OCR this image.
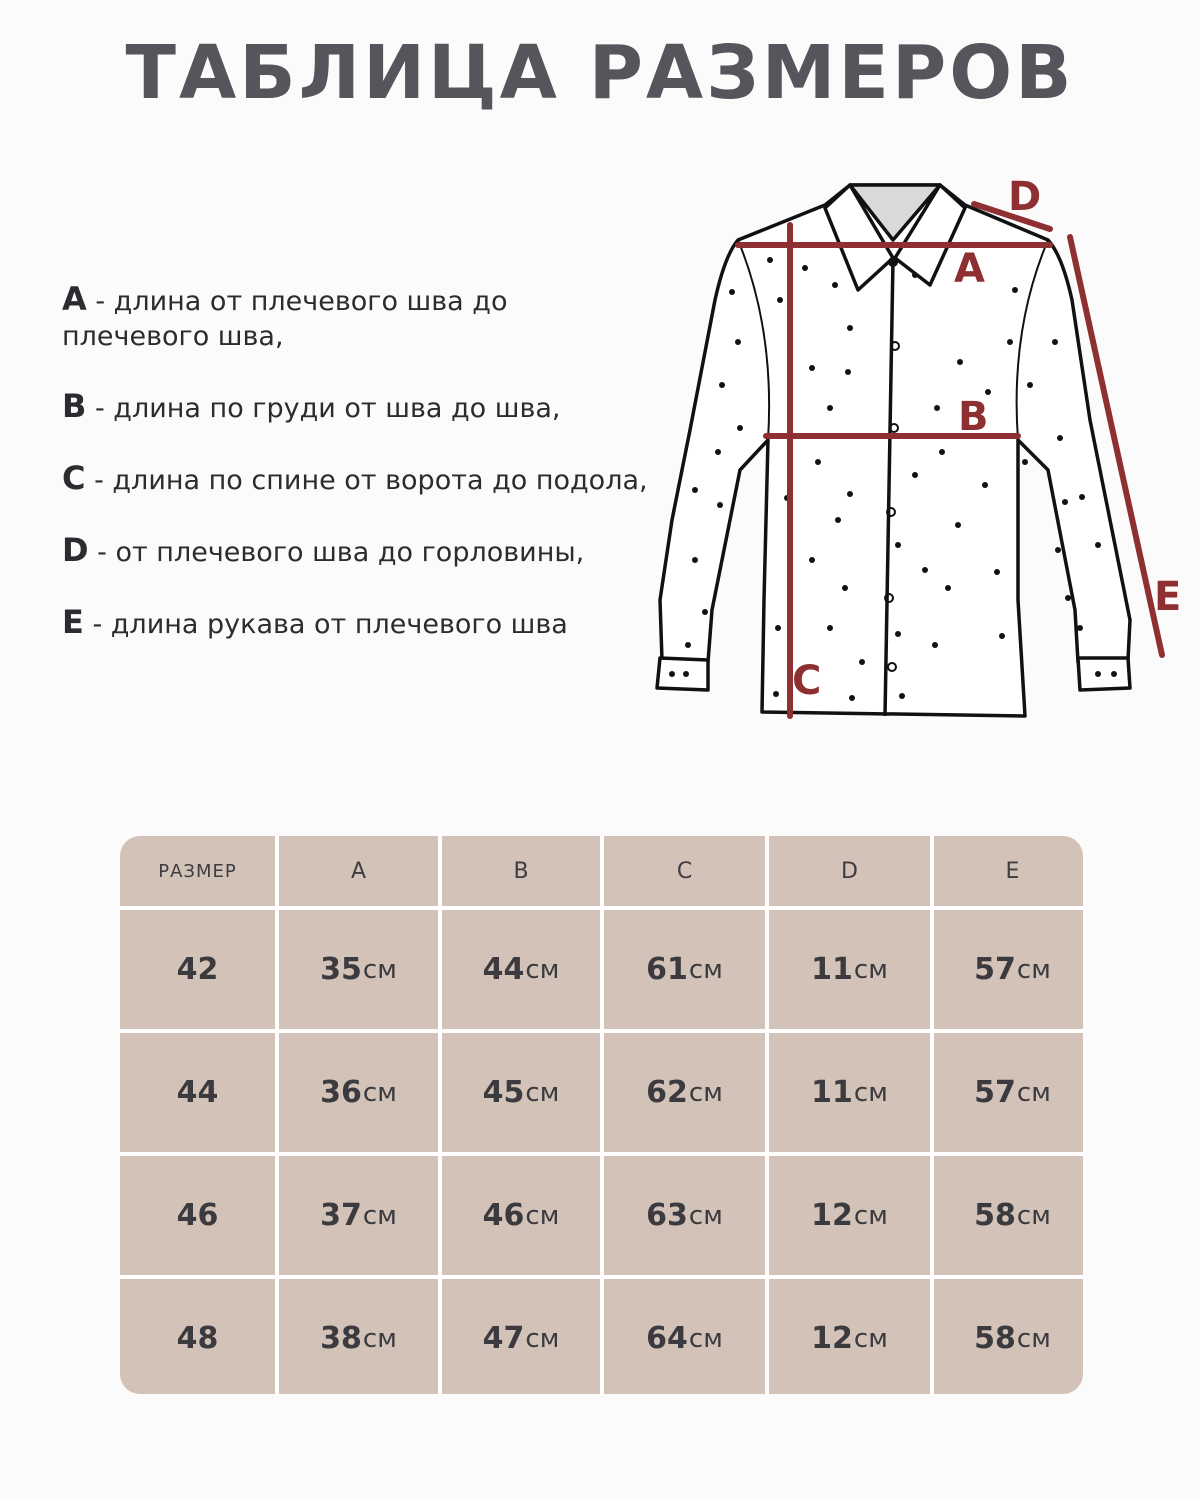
ТАБЛИЦА РАЗМЕРОВ
A - длина от плечевого шва до плечевого шва,
B - длина по груди от шва до шва,
C - длина по спине от ворота до подола,
D - от плечевого шва до горловины,
E - длина рукава от плечевого шва
A
B
C
D
E
РАЗМЕР	A	B	C	D	E
42	35 см	44 см	61 см	11 см	57 см
44	36 см	45 см	62 см	11 см	57 см
46	37 см	46 см	63 см	12 см	58 см
48	38 см	47 см	64 см	12 см	58 см
